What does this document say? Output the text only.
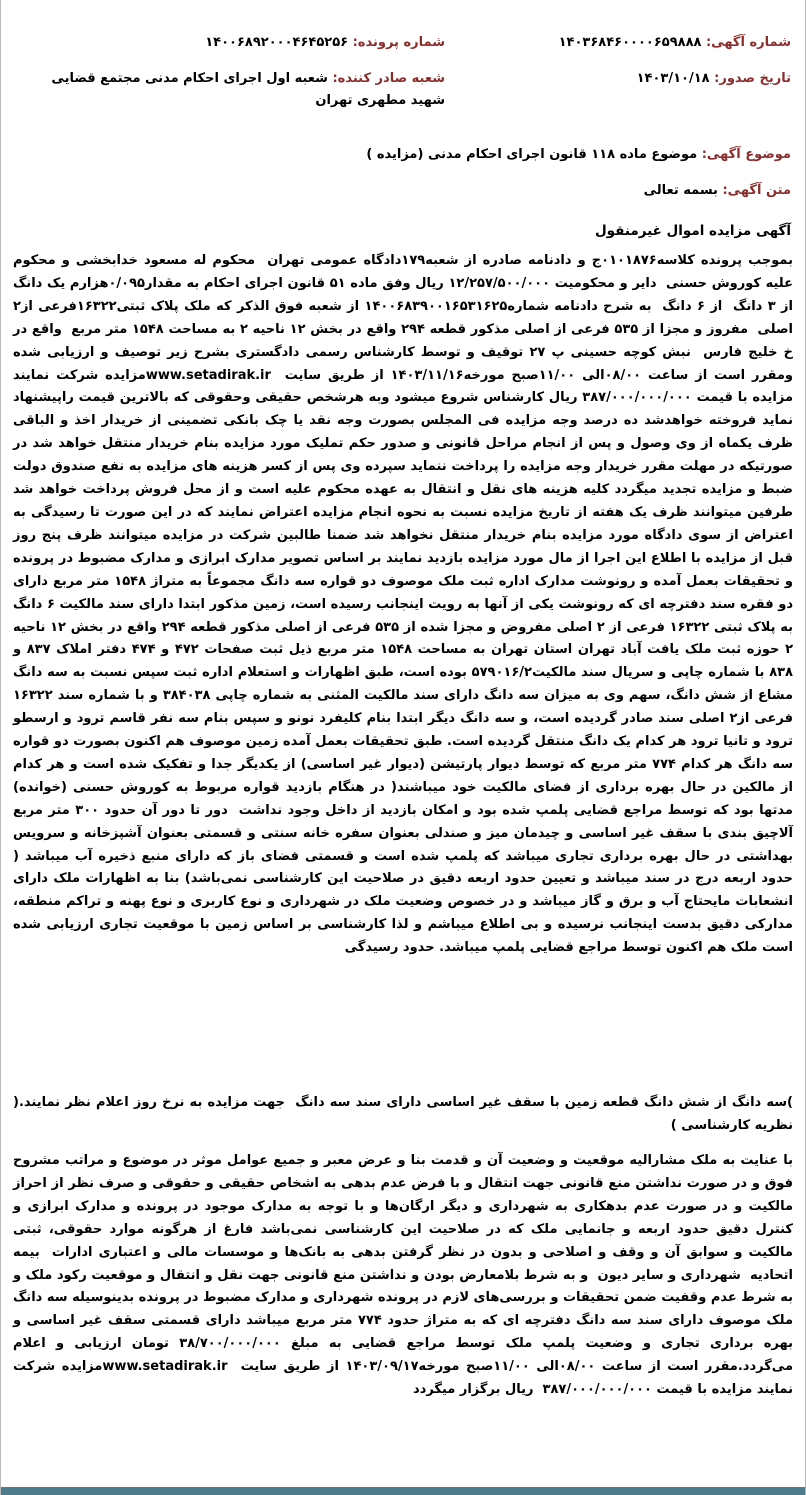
شماره آگهی: ۱۴۰۳۶۸۴۶۰۰۰۰۶۵۹۸۸۸
شماره پرونده: ۱۴۰۰۶۸۹۲۰۰۰۴۶۴۵۲۵۶
تاریخ صدور: ۱۴۰۳/۱۰/۱۸
شعبه صادر کننده: شعبه اول اجرای احکام مدنی مجتمع قضایی شهید مطهری تهران
موضوع آگهی: موضوع ماده ۱۱۸ قانون اجرای احکام مدنی (مزایده )
متن آگهی: بسمه تعالی
آگهی مزایده اموال غیرمنقول
بموجب پرونده کلاسه۰۱۰۱۸۷۶ج و دادنامه صادره از شعبه۱۷۹دادگاه عمومی تهران  محکوم له مسعود خدابخشی و محکوم علیه کوروش حسنی  دایر و محکومیت ۱۲/۲۵۷/۵۰۰/۰۰۰ ریال وفق ماده ۵۱ قانون اجرای احکام به مقدار۰/۰۹۵هزارم یک دانگ از ۳ دانگ  از ۶ دانگ  به شرح دادنامه شماره۱۴۰۰۶۸۳۹۰۰۱۶۵۳۱۶۲۵ از شعبه فوق الذکر که ملک پلاک ثبتی۱۶۳۲۲فرعی از۲ اصلی  مفروز و مجزا از ۵۳۵ فرعی از اصلی مذکور قطعه ۲۹۴ واقع در بخش ۱۲ ناحیه ۲ به مساحت ۱۵۴۸ متر مربع  واقع در خ خلیج فارس  نبش کوچه حسینی پ ۲۷ توقیف و توسط کارشناس رسمی دادگستری بشرح زیر توصیف و ارزیابی شده ومقرر است از ساعت ۰۸/۰۰الی ۱۱/۰۰صبح مورخه۱۴۰۳/۱۱/۱۶ از طریق سایت  www.setadirak.irمزایده شرکت نمایند مزایده با قیمت ۳۸۷/۰۰۰/۰۰۰/۰۰۰ ریال کارشناس شروع میشود وبه هرشخص حقیقی وحقوقی که بالاترین قیمت راپیشنهاد نماید فروخته خواهدشد ده درصد وجه مزایده فی المجلس بصورت وجه نقد یا چک بانکی تضمینی از خریدار اخذ و الباقی ظرف یکماه از وی وصول و پس از انجام مراحل قانونی و صدور حکم تملیک مورد مزایده بنام خریدار منتقل خواهد شد در صورتیکه در مهلت مقرر خریدار وجه مزایده را پرداخت ننماید سپرده وی پس از کسر هزینه های مزایده به نفع صندوق دولت ضبط و مزایده تجدید میگردد کلیه هزینه های نقل و انتقال به عهده محکوم علیه است و از محل فروش پرداخت خواهد شد طرفین میتوانند ظرف یک هفته از تاریخ مزایده نسبت به نحوه انجام مزایده اعتراض نمایند که در این صورت تا رسیدگی به اعتراض از سوی دادگاه مورد مزایده بنام خریدار منتقل نخواهد شد ضمنا طالبین شرکت در مزایده میتوانند ظرف پنج روز قبل از مزایده با اطلاع این اجرا از مال مورد مزایده بازدید نمایند بر اساس تصویر مدارک ابرازی و مدارک مضبوط در پرونده و تحقیقات بعمل آمده و رونوشت مدارک اداره ثبت ملک موصوف دو قواره سه دانگ مجموعاً به متراژ ۱۵۴۸ متر مربع دارای دو فقره سند دفترچه ای که رونوشت یکی از آنها به رویت اینجانب رسیده است، زمین مذکور ابتدا دارای سند مالکیت ۶ دانگ به پلاک ثبتی ۱۶۳۲۲ فرعی از ۲ اصلی مفروض و مجزا شده از ۵۳۵ فرعی از اصلی مذکور قطعه ۲۹۴ واقع در بخش ۱۲ ناحیه ۲ حوزه ثبت ملک یافت آباد تهران استان تهران به مساحت ۱۵۴۸ متر مربع ذیل ثبت صفحات ۴۷۲ و ۴۷۴ دفتر املاک ۸۳۷ و ۸۳۸ با شماره چاپی و سریال سند مالکیت۵۷۹۰۱۶/۲ بوده است، طبق اظهارات و استعلام اداره ثبت سپس نسبت به سه دانگ مشاع از شش دانگ، سهم وی به میزان سه دانگ دارای سند مالکیت المثنی به شماره چاپی ۳۸۴۰۳۸ و با شماره سند ۱۶۳۲۲ فرعی از۲ اصلی سند صادر گردیده است، و سه دانگ دیگر ابتدا بنام کلیفرد نونو و سپس بنام سه نفر قاسم ترود و ارسطو ترود و تانیا ترود هر کدام یک دانگ منتقل گردیده است. طبق تحقیقات بعمل آمده زمین موصوف هم اکنون بصورت دو قواره سه دانگ هر کدام ۷۷۴ متر مربع که توسط دیوار پارتیشن (دیوار غیر اساسی) از یکدیگر جدا و تفکیک شده است و هر کدام از مالکین در حال بهره برداری از فضای مالکیت خود میباشند( در هنگام بازدید قواره مربوط به کوروش حسنی (خوانده) مدتها بود که توسط مراجع قضایی پلمپ شده بود و امکان بازدید از داخل وجود نداشت  دور تا دور آن حدود ۳۰۰ متر مربع آلاچیق بندی با سقف غیر اساسی و چیدمان میز و صندلی بعنوان سفره خانه سنتی و قسمتی بعنوان آشپزخانه و سرویس بهداشتی در حال بهره برداری تجاری میباشد که پلمپ شده است و قسمتی فضای باز که دارای منبع ذخیره آب میباشد ( حدود اربعه درج در سند میباشد و تعیین حدود اربعه دقیق در صلاحیت این کارشناسی نمی‌باشد) بنا به اظهارات ملک دارای انشعابات مایحتاج آب و برق و گاز میباشد و در خصوص وضعیت ملک در شهرداری و نوع کاربری و نوع پهنه و تراکم منطقه، مدارکی دقیق بدست اینجانب نرسیده و بی اطلاع میباشم و لذا کارشناسی بر اساس زمین با موقعیت تجاری ارزیابی شده است ملک هم اکنون توسط مراجع قضایی پلمپ میباشد. حدود رسیدگی
)سه دانگ از شش دانگ قطعه زمین با سقف غیر اساسی دارای سند سه دانگ  جهت مزایده به نرخ روز اعلام نظر نمایند.( نظریه کارشناسی )
با عنایت به ملک مشارالیه موقعیت و وضعیت آن و قدمت بنا و عرض معبر و جمیع عوامل موثر در موضوع و مراتب مشروح فوق و در صورت نداشتن منع قانونی جهت انتقال و با فرض عدم بدهی به اشخاص حقیقی و حقوقی و صرف نظر از احراز مالکیت و در صورت عدم بدهکاری به شهرداری و دیگر ارگان‌ها و با توجه به مدارک موجود در پرونده و مدارک ابرازی و کنترل دقیق حدود اربعه و جانمایی ملک که در صلاحیت این کارشناسی نمی‌باشد فارغ از هرگونه موارد حقوقی، ثبتی مالکیت و سوابق آن و وقف و اصلاحی و بدون در نظر گرفتن بدهی به بانک‌ها و موسسات مالی و اعتباری ادارات  بیمه  اتحادیه  شهرداری و سایر دیون  و به شرط بلامعارض بودن و نداشتن منع قانونی جهت نقل و انتقال و موقعیت رکود ملک و به شرط عدم وقفیت ضمن تحقیقات و بررسی‌های لازم در پرونده شهرداری و مدارک مضبوط در پرونده بدینوسیله سه دانگ ملک موصوف دارای سند سه دانگ دفترچه ای که به متراژ حدود ۷۷۴ متر مربع میباشد دارای قسمتی سقف غیر اساسی و بهره برداری تجاری و وضعیت پلمپ ملک توسط مراجع قضایی به مبلغ ۳۸/۷۰۰/۰۰۰/۰۰۰ تومان ارزیابی و اعلام می‌گردد.مقرر است از ساعت ۰۸/۰۰الی ۱۱/۰۰صبح مورخه۱۴۰۳/۰۹/۱۷ از طریق سایت  www.setadirak.irمزایده شرکت نمایند مزایده با قیمت ۳۸۷/۰۰۰/۰۰۰/۰۰۰  ریال برگزار میگردد
